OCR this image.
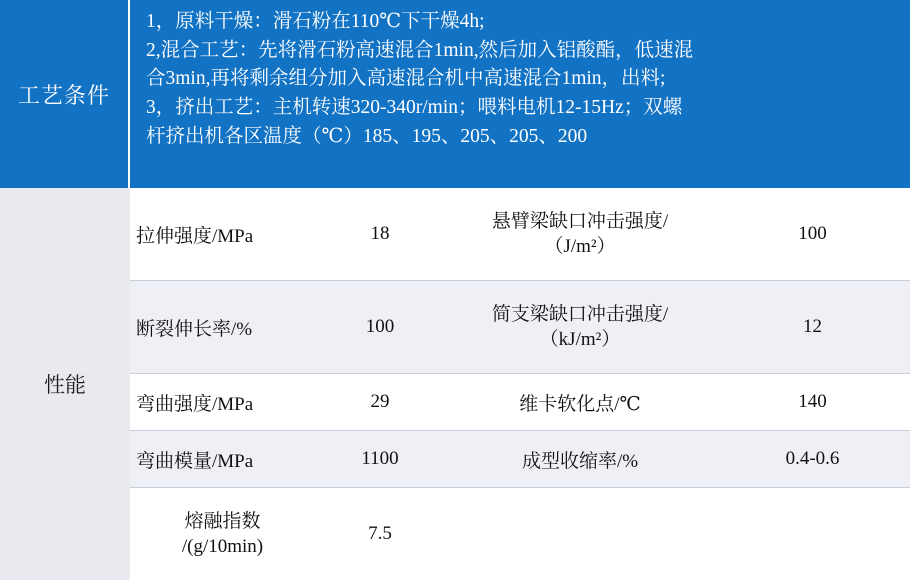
工艺条件
1，原料干燥：滑石粉在110℃下干燥4h;
2,混合工艺：先将滑石粉高速混合1min,然后加入铝酸酯，低速混
合3min,再将剩余组分加入高速混合机中高速混合1min，出料;
3，挤出工艺：主机转速320-340r/min；喂料电机12-15Hz；双螺
杆挤出机各区温度（℃）185、195、205、205、200
性能
拉伸强度/MPa	18	悬臂梁缺口冲击强度/
（J/m²）	100
断裂伸长率/%	100	简支梁缺口冲击强度/
（kJ/m²）	12
弯曲强度/MPa	29	维卡软化点/℃	140
弯曲模量/MPa	1100	成型收缩率/%	0.4-0.6

熔融指数
/(g/10min)	7.5		
